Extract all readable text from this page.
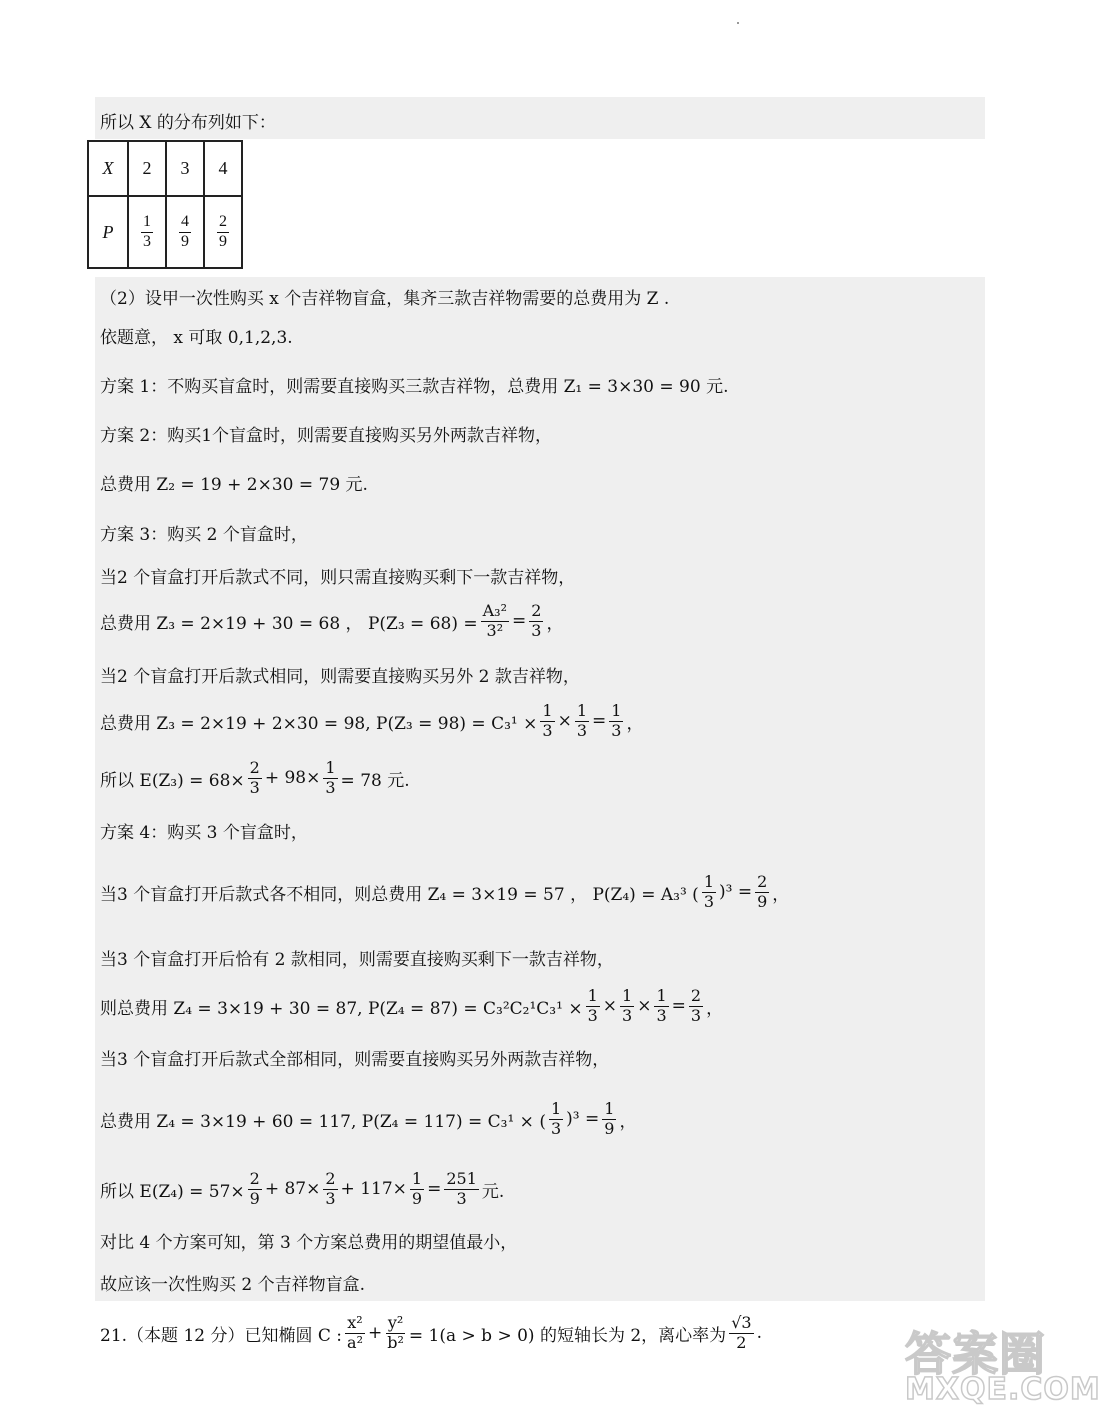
所以 X 的分布列如下：
X	2	3	4
P	$\frac{1}{3}$	$\frac{4}{9}$	$\frac{2}{9}$
（2）设甲一次性购买 x 个吉祥物盲盒，集齐三款吉祥物需要的总费用为 Z .
依题意， x 可取 0,1,2,3.
方案 1：不购买盲盒时，则需要直接购买三款吉祥物，总费用 Z₁ = 3×30 = 90 元.
方案 2：购买1个盲盒时，则需要直接购买另外两款吉祥物，
总费用 Z₂ = 19 + 2×30 = 79 元.
方案 3：购买 2 个盲盒时，
当2 个盲盒打开后款式不同，则只需直接购买剩下一款吉祥物，
总费用 Z₃ = 2×19 + 30 = 68 ， $P(Z_3 = 68) = \frac{\text{A₃²}}{\text{3²}} = \frac{2}{3}$ ，
当2 个盲盒打开后款式相同，则需要直接购买另外 2 款吉祥物，
总费用 Z₃ = 2×19 + 2×30 = 98, $P(Z_3 = 98) = C_3^1 \times \frac{1}{3} \times \frac{1}{3} = \frac{1}{3}$ ，
所以 $E(Z_3) = 68\times \frac{2}{3} + 98\times \frac{1}{3} = 78$ 元.
方案 4：购买 3 个盲盒时，
当3 个盲盒打开后款式各不相同，则总费用 Z₄ = 3×19 = 57 ， P(Z₄) = A₃³ ( $\frac{1}{3} )^3 = \frac{2}{9}$ ，
当3 个盲盒打开后恰有 2 款相同，则需要直接购买剩下一款吉祥物，
则总费用 Z₄ = 3×19 + 30 = 87, $P(Z_4 = 87) = C_3^2C_2^1C_3^1 \times \frac{1}{3} \times \frac{1}{3} \times \frac{1}{3} = \frac{2}{3}$ ，
当3 个盲盒打开后款式全部相同，则需要直接购买另外两款吉祥物，
总费用 Z₄ = 3×19 + 60 = 117, P(Z₄ = 117) = C₃¹ × ( $\frac{1}{3} )^3 = \frac{1}{9}$ ，
所以 $E(Z_4) = 57\times \frac{2}{9} + 87\times \frac{2}{3} + 117\times \frac{1}{9} = \frac{251}{3}$ 元.
对比 4 个方案可知，第 3 个方案总费用的期望值最小，
故应该一次性购买 2 个吉祥物盲盒.
21.（本题 12 分）已知椭圆 C : $\frac{\text{x²}}{\text{a²}} + \frac{\text{y²}}{\text{b²}} = 1(a > b > 0)$ 的短轴长为 2，离心率为 $\frac{√3}{2}$ .	答案圈
MXQE.COM
